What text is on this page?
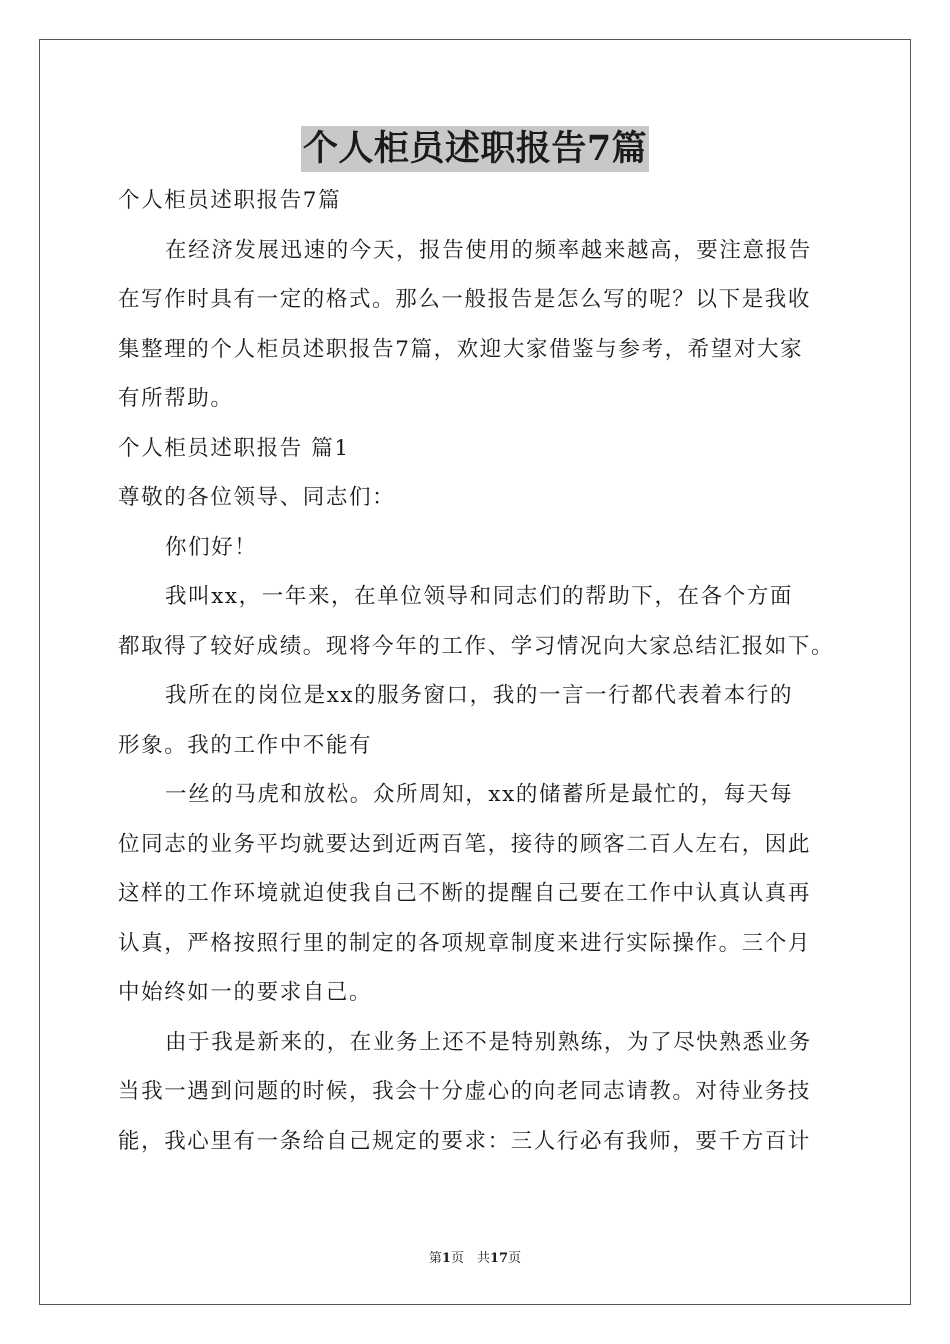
个人柜员述职报告7篇
个人柜员述职报告7篇
在经济发展迅速的今天，报告使用的频率越来越高，要注意报告
在写作时具有一定的格式。那么一般报告是怎么写的呢？以下是我收
集整理的个人柜员述职报告7篇，欢迎大家借鉴与参考，希望对大家
有所帮助。
个人柜员述职报告 篇1
尊敬的各位领导、同志们：
你们好！
我叫xx，一年来，在单位领导和同志们的帮助下，在各个方面
都取得了较好成绩。现将今年的工作、学习情况向大家总结汇报如下。
我所在的岗位是xx的服务窗口，我的一言一行都代表着本行的
形象。我的工作中不能有
一丝的马虎和放松。众所周知，xx的储蓄所是最忙的，每天每
位同志的业务平均就要达到近两百笔，接待的顾客二百人左右，因此
这样的工作环境就迫使我自己不断的提醒自己要在工作中认真认真再
认真，严格按照行里的制定的各项规章制度来进行实际操作。三个月
中始终如一的要求自己。
由于我是新来的，在业务上还不是特别熟练，为了尽快熟悉业务
当我一遇到问题的时候，我会十分虚心的向老同志请教。对待业务技
能，我心里有一条给自己规定的要求：三人行必有我师，要千方百计
第1页　共17页
